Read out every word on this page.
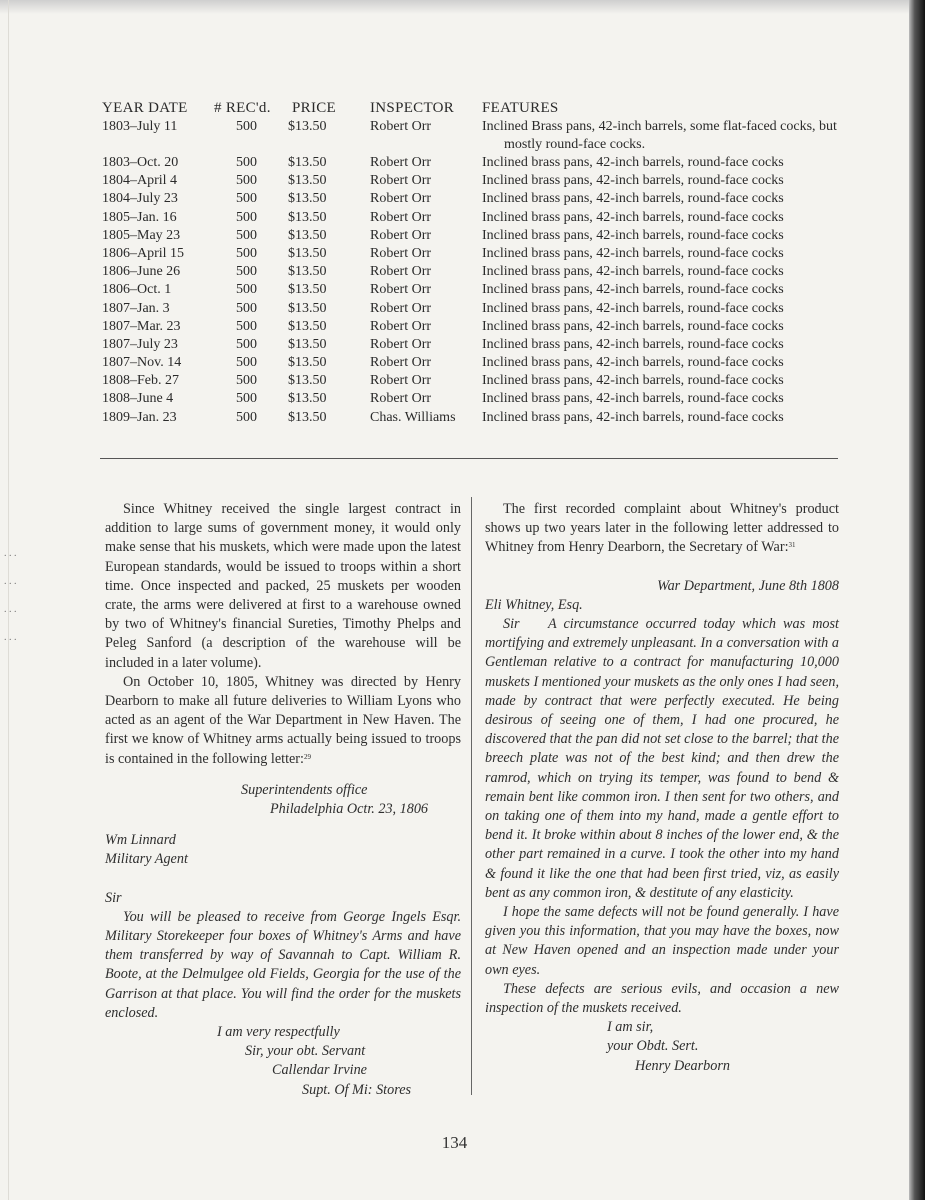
. . .
. . .
. . .
. . .
YEAR DATE # REC'd. PRICE INSPECTOR FEATURES
1803–July 11	500 $13.50	Robert Orr	Inclined Brass pans, 42-inch barrels, some flat-faced cocks, but mostly round-face cocks.
1803–Oct. 20	500 $13.50	Robert Orr	Inclined brass pans, 42-inch barrels, round-face cocks
1804–April 4	500 $13.50	Robert Orr	Inclined brass pans, 42-inch barrels, round-face cocks
1804–July 23	500 $13.50	Robert Orr	Inclined brass pans, 42-inch barrels, round-face cocks
1805–Jan. 16	500 $13.50	Robert Orr	Inclined brass pans, 42-inch barrels, round-face cocks
1805–May 23	500 $13.50	Robert Orr	Inclined brass pans, 42-inch barrels, round-face cocks
1806–April 15	500 $13.50	Robert Orr	Inclined brass pans, 42-inch barrels, round-face cocks
1806–June 26	500 $13.50	Robert Orr	Inclined brass pans, 42-inch barrels, round-face cocks
1806–Oct. 1	500 $13.50	Robert Orr	Inclined brass pans, 42-inch barrels, round-face cocks
1807–Jan. 3	500 $13.50	Robert Orr	Inclined brass pans, 42-inch barrels, round-face cocks
1807–Mar. 23	500 $13.50	Robert Orr	Inclined brass pans, 42-inch barrels, round-face cocks
1807–July 23	500 $13.50	Robert Orr	Inclined brass pans, 42-inch barrels, round-face cocks
1807–Nov. 14	500 $13.50	Robert Orr	Inclined brass pans, 42-inch barrels, round-face cocks
1808–Feb. 27	500 $13.50	Robert Orr	Inclined brass pans, 42-inch barrels, round-face cocks
1808–June 4	500 $13.50	Robert Orr	Inclined brass pans, 42-inch barrels, round-face cocks
1809–Jan. 23	500 $13.50	Chas. Williams Inclined brass pans, 42-inch barrels, round-face cocks

Since Whitney received the single largest contract in addition to large sums of government money, it would only make sense that his muskets, which were made upon the latest European standards, would be issued to troops within a short time. Once inspected and packed, 25 muskets per wooden crate, the arms were delivered at first to a warehouse owned by two of Whitney's financial Sureties, Timothy Phelps and Peleg Sanford (a description of the warehouse will be included in a later volume).

On October 10, 1805, Whitney was directed by Henry Dearborn to make all future deliveries to William Lyons who acted as an agent of the War Department in New Haven. The first we know of Whitney arms actually being issued to troops is contained in the following letter:$^{29}$

Superintendents office
Philadelphia Octr. 23, 1806
Wm Linnard
Military Agent
Sir

You will be pleased to receive from George Ingels Esqr. Military Storekeeper four boxes of Whitney's Arms and have them transferred by way of Savannah to Capt. William R. Boote, at the Delmulgee old Fields, Georgia for the use of the Garrison at that place. You will find the order for the muskets enclosed.

I am very respectfully
Sir, your obt. Servant
Callendar Irvine
Supt. Of Mi: Stores

The first recorded complaint about Whitney's product shows up two years later in the following letter addressed to Whitney from Henry Dearborn, the Secretary of War:$^{31}$

War Department, June 8th 1808
Eli Whitney, Esq.

Sir A circumstance occurred today which was most mortifying and extremely unpleasant. In a conversation with a Gentleman relative to a contract for manufacturing 10,000 muskets I mentioned your muskets as the only ones I had seen, made by contract that were perfectly executed. He being desirous of seeing one of them, I had one procured, he discovered that the pan did not set close to the barrel; that the breech plate was not of the best kind; and then drew the ramrod, which on trying its temper, was found to bend & remain bent like common iron. I then sent for two others, and on taking one of them into my hand, made a gentle effort to bend it. It broke within about 8 inches of the lower end, & the other part remained in a curve. I took the other into my hand & found it like the one that had been first tried, viz, as easily bent as any common iron, & destitute of any elasticity.

I hope the same defects will not be found generally. I have given you this information, that you may have the boxes, now at New Haven opened and an inspection made under your own eyes.

These defects are serious evils, and occasion a new inspection of the muskets received.

I am sir,
your Obdt. Sert.
Henry Dearborn
134
